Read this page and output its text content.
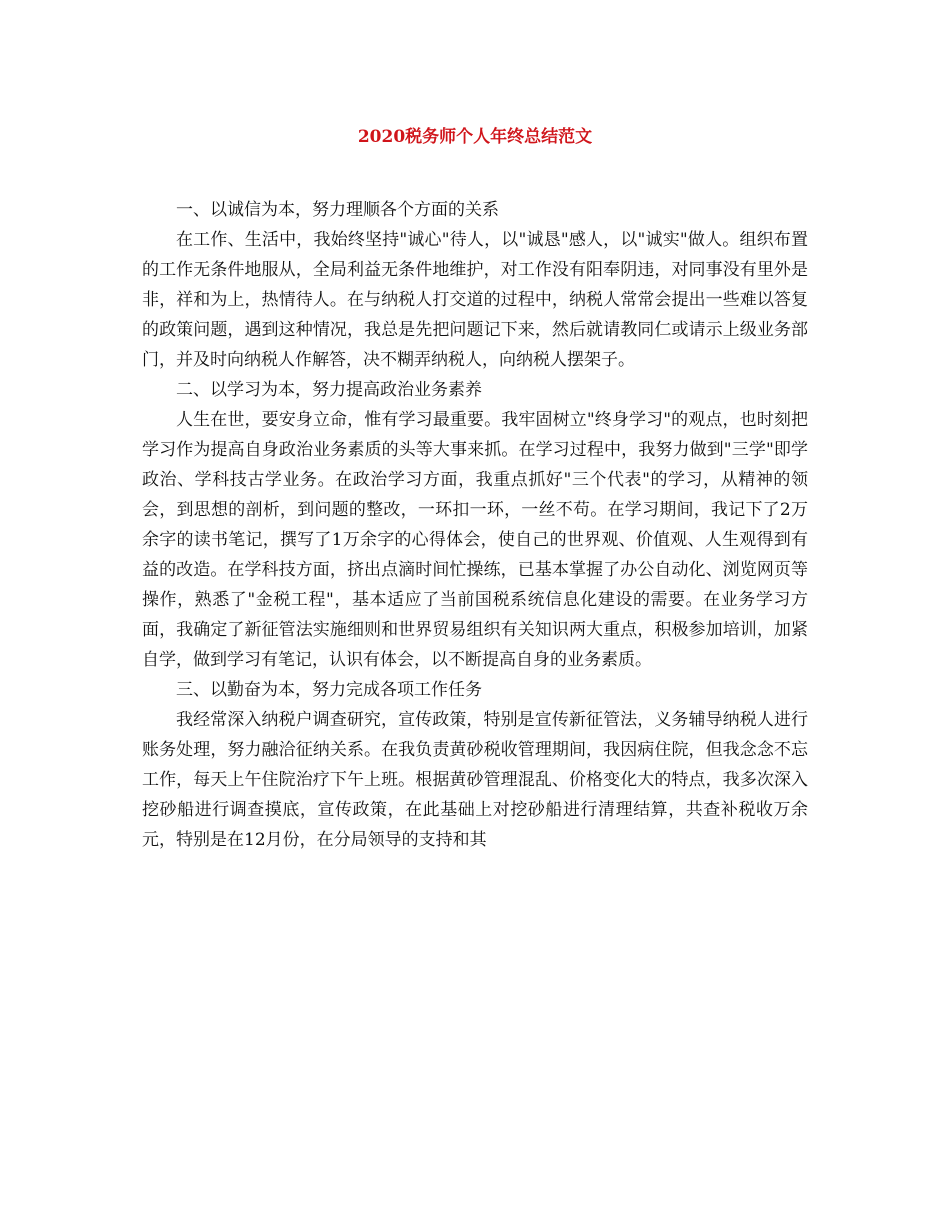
2020税务师个人年终总结范文

一、以诚信为本，努力理顺各个方面的关系

在工作、生活中，我始终坚持"诚心"待人，以"诚恳"感人，以"诚实"做人。组织布置的工作无条件地服从，全局利益无条件地维护，对工作没有阳奉阴违，对同事没有里外是非，祥和为上，热情待人。在与纳税人打交道的过程中，纳税人常常会提出一些难以答复的政策问题，遇到这种情况，我总是先把问题记下来，然后就请教同仁或请示上级业务部门，并及时向纳税人作解答，决不糊弄纳税人，向纳税人摆架子。

二、以学习为本，努力提高政治业务素养

人生在世，要安身立命，惟有学习最重要。我牢固树立"终身学习"的观点，也时刻把学习作为提高自身政治业务素质的头等大事来抓。在学习过程中，我努力做到"三学"即学政治、学科技古学业务。在政治学习方面，我重点抓好"三个代表"的学习，从精神的领会，到思想的剖析，到问题的整改，一环扣一环，一丝不苟。在学习期间，我记下了2万余字的读书笔记，撰写了1万余字的心得体会，使自己的世界观、价值观、人生观得到有益的改造。在学科技方面，挤出点滴时间忙操练，已基本掌握了办公自动化、浏览网页等操作，熟悉了"金税工程"，基本适应了当前国税系统信息化建设的需要。在业务学习方面，我确定了新征管法实施细则和世界贸易组织有关知识两大重点，积极参加培训，加紧自学，做到学习有笔记，认识有体会，以不断提高自身的业务素质。

三、以勤奋为本，努力完成各项工作任务

我经常深入纳税户调查研究，宣传政策，特别是宣传新征管法，义务辅导纳税人进行账务处理，努力融洽征纳关系。在我负责黄砂税收管理期间，我因病住院，但我念念不忘工作，每天上午住院治疗下午上班。根据黄砂管理混乱、价格变化大的特点，我多次深入挖砂船进行调查摸底，宣传政策，在此基础上对挖砂船进行清理结算，共查补税收万余元，特别是在12月份，在分局领导的支持和其
